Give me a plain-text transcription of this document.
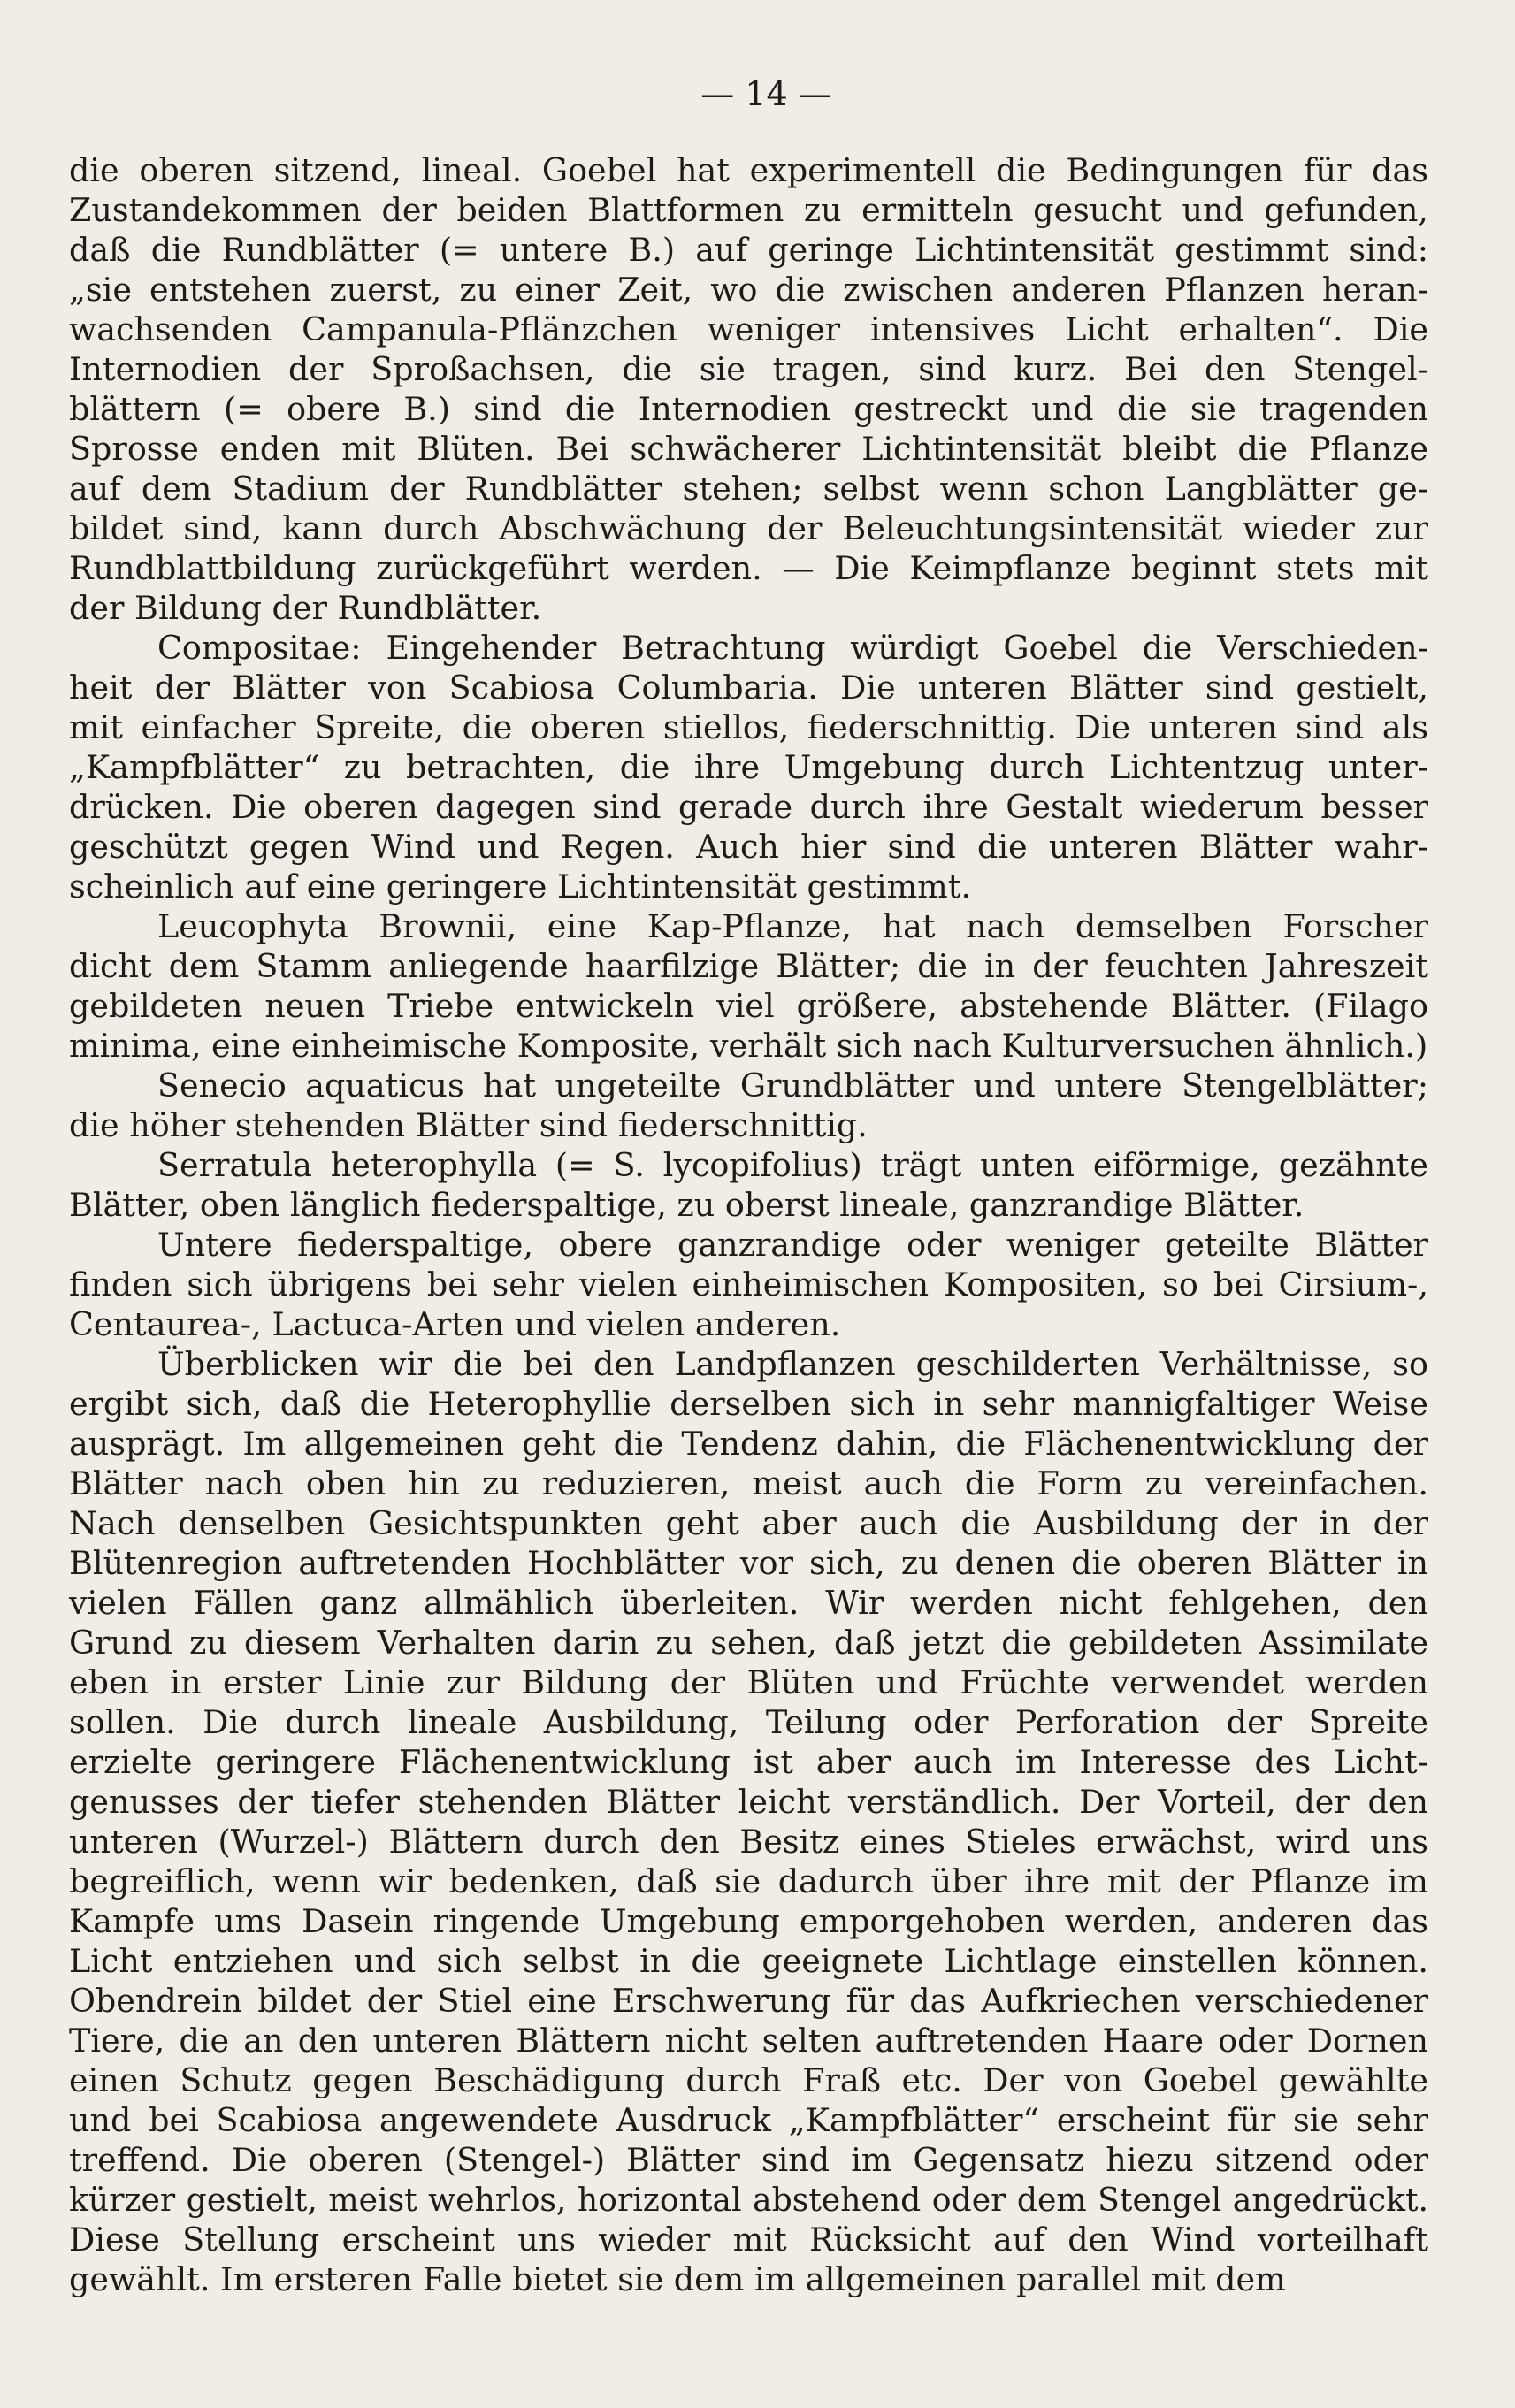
— 14 —

die oberen sitzend, lineal. Goebel hat experimentell die Bedingungen für das
Zustandekommen der beiden Blattformen zu ermitteln gesucht und gefunden,
daß die Rundblätter (= untere B.) auf geringe Lichtintensität gestimmt sind:
„sie entstehen zuerst, zu einer Zeit, wo die zwischen anderen Pflanzen heran-
wachsenden Campanula-Pflänzchen weniger intensives Licht erhalten“. Die
Internodien der Sproßachsen, die sie tragen, sind kurz. Bei den Stengel-
blättern (= obere B.) sind die Internodien gestreckt und die sie tragenden
Sprosse enden mit Blüten. Bei schwächerer Lichtintensität bleibt die Pflanze
auf dem Stadium der Rundblätter stehen; selbst wenn schon Langblätter ge-
bildet sind, kann durch Abschwächung der Beleuchtungsintensität wieder zur
Rundblattbildung zurückgeführt werden. — Die Keimpflanze beginnt stets mit
der Bildung der Rundblätter.

Compositae: Eingehender Betrachtung würdigt Goebel die Verschieden-
heit der Blätter von Scabiosa Columbaria. Die unteren Blätter sind gestielt,
mit einfacher Spreite, die oberen stiellos, fiederschnittig. Die unteren sind als
„Kampfblätter“ zu betrachten, die ihre Umgebung durch Lichtentzug unter-
drücken. Die oberen dagegen sind gerade durch ihre Gestalt wiederum besser
geschützt gegen Wind und Regen. Auch hier sind die unteren Blätter wahr-
scheinlich auf eine geringere Lichtintensität gestimmt.

Leucophyta Brownii, eine Kap-Pflanze, hat nach demselben Forscher
dicht dem Stamm anliegende haarfilzige Blätter; die in der feuchten Jahreszeit
gebildeten neuen Triebe entwickeln viel größere, abstehende Blätter. (Filago
minima, eine einheimische Komposite, verhält sich nach Kulturversuchen ähnlich.)

Senecio aquaticus hat ungeteilte Grundblätter und untere Stengelblätter;
die höher stehenden Blätter sind fiederschnittig.

Serratula heterophylla (= S. lycopifolius) trägt unten eiförmige, gezähnte
Blätter, oben länglich fiederspaltige, zu oberst lineale, ganzrandige Blätter.

Untere fiederspaltige, obere ganzrandige oder weniger geteilte Blätter
finden sich übrigens bei sehr vielen einheimischen Kompositen, so bei Cirsium-,
Centaurea-, Lactuca-Arten und vielen anderen.

Überblicken wir die bei den Landpflanzen geschilderten Verhältnisse, so
ergibt sich, daß die Heterophyllie derselben sich in sehr mannigfaltiger Weise
ausprägt. Im allgemeinen geht die Tendenz dahin, die Flächenentwicklung der
Blätter nach oben hin zu reduzieren, meist auch die Form zu vereinfachen.
Nach denselben Gesichtspunkten geht aber auch die Ausbildung der in der
Blütenregion auftretenden Hochblätter vor sich, zu denen die oberen Blätter in
vielen Fällen ganz allmählich überleiten. Wir werden nicht fehlgehen, den
Grund zu diesem Verhalten darin zu sehen, daß jetzt die gebildeten Assimilate
eben in erster Linie zur Bildung der Blüten und Früchte verwendet werden
sollen. Die durch lineale Ausbildung, Teilung oder Perforation der Spreite
erzielte geringere Flächenentwicklung ist aber auch im Interesse des Licht-
genusses der tiefer stehenden Blätter leicht verständlich. Der Vorteil, der den
unteren (Wurzel-) Blättern durch den Besitz eines Stieles erwächst, wird uns
begreiflich, wenn wir bedenken, daß sie dadurch über ihre mit der Pflanze im
Kampfe ums Dasein ringende Umgebung emporgehoben werden, anderen das
Licht entziehen und sich selbst in die geeignete Lichtlage einstellen können.
Obendrein bildet der Stiel eine Erschwerung für das Aufkriechen verschiedener
Tiere, die an den unteren Blättern nicht selten auftretenden Haare oder Dornen
einen Schutz gegen Beschädigung durch Fraß etc. Der von Goebel gewählte
und bei Scabiosa angewendete Ausdruck „Kampfblätter“ erscheint für sie sehr
treffend. Die oberen (Stengel-) Blätter sind im Gegensatz hiezu sitzend oder
kürzer gestielt, meist wehrlos, horizontal abstehend oder dem Stengel angedrückt.
Diese Stellung erscheint uns wieder mit Rücksicht auf den Wind vorteilhaft
gewählt. Im ersteren Falle bietet sie dem im allgemeinen parallel mit dem
